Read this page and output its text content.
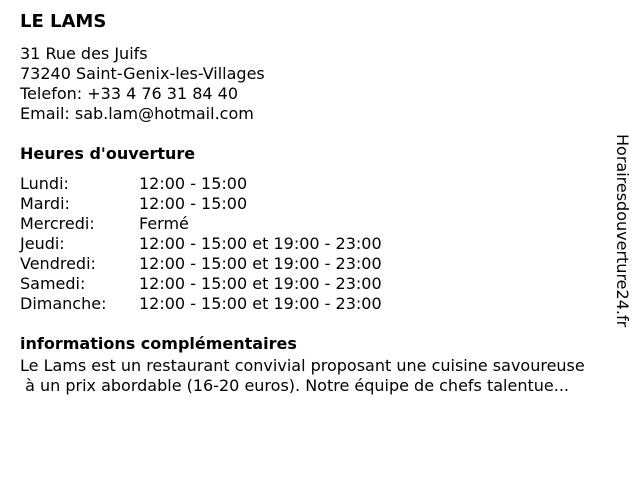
LE LAMS
31 Rue des Juifs
73240 Saint-Genix-les-Villages
Telefon: +33 4 76 31 84 40
Email: sab.lam@hotmail.com
Heures d'ouverture
Lundi:	12:00 - 15:00
Mardi:	12:00 - 15:00
Mercredi:	Fermé
Jeudi:	12:00 - 15:00 et 19:00 - 23:00
Vendredi:	12:00 - 15:00 et 19:00 - 23:00
Samedi:	12:00 - 15:00 et 19:00 - 23:00
Dimanche: 12:00 - 15:00 et 19:00 - 23:00
informations complémentaires
Le Lams est un restaurant convivial proposant une cuisine savoureuse
à un prix abordable (16-20 euros). Notre équipe de chefs talentue...
Horairesdouverture24.fr
